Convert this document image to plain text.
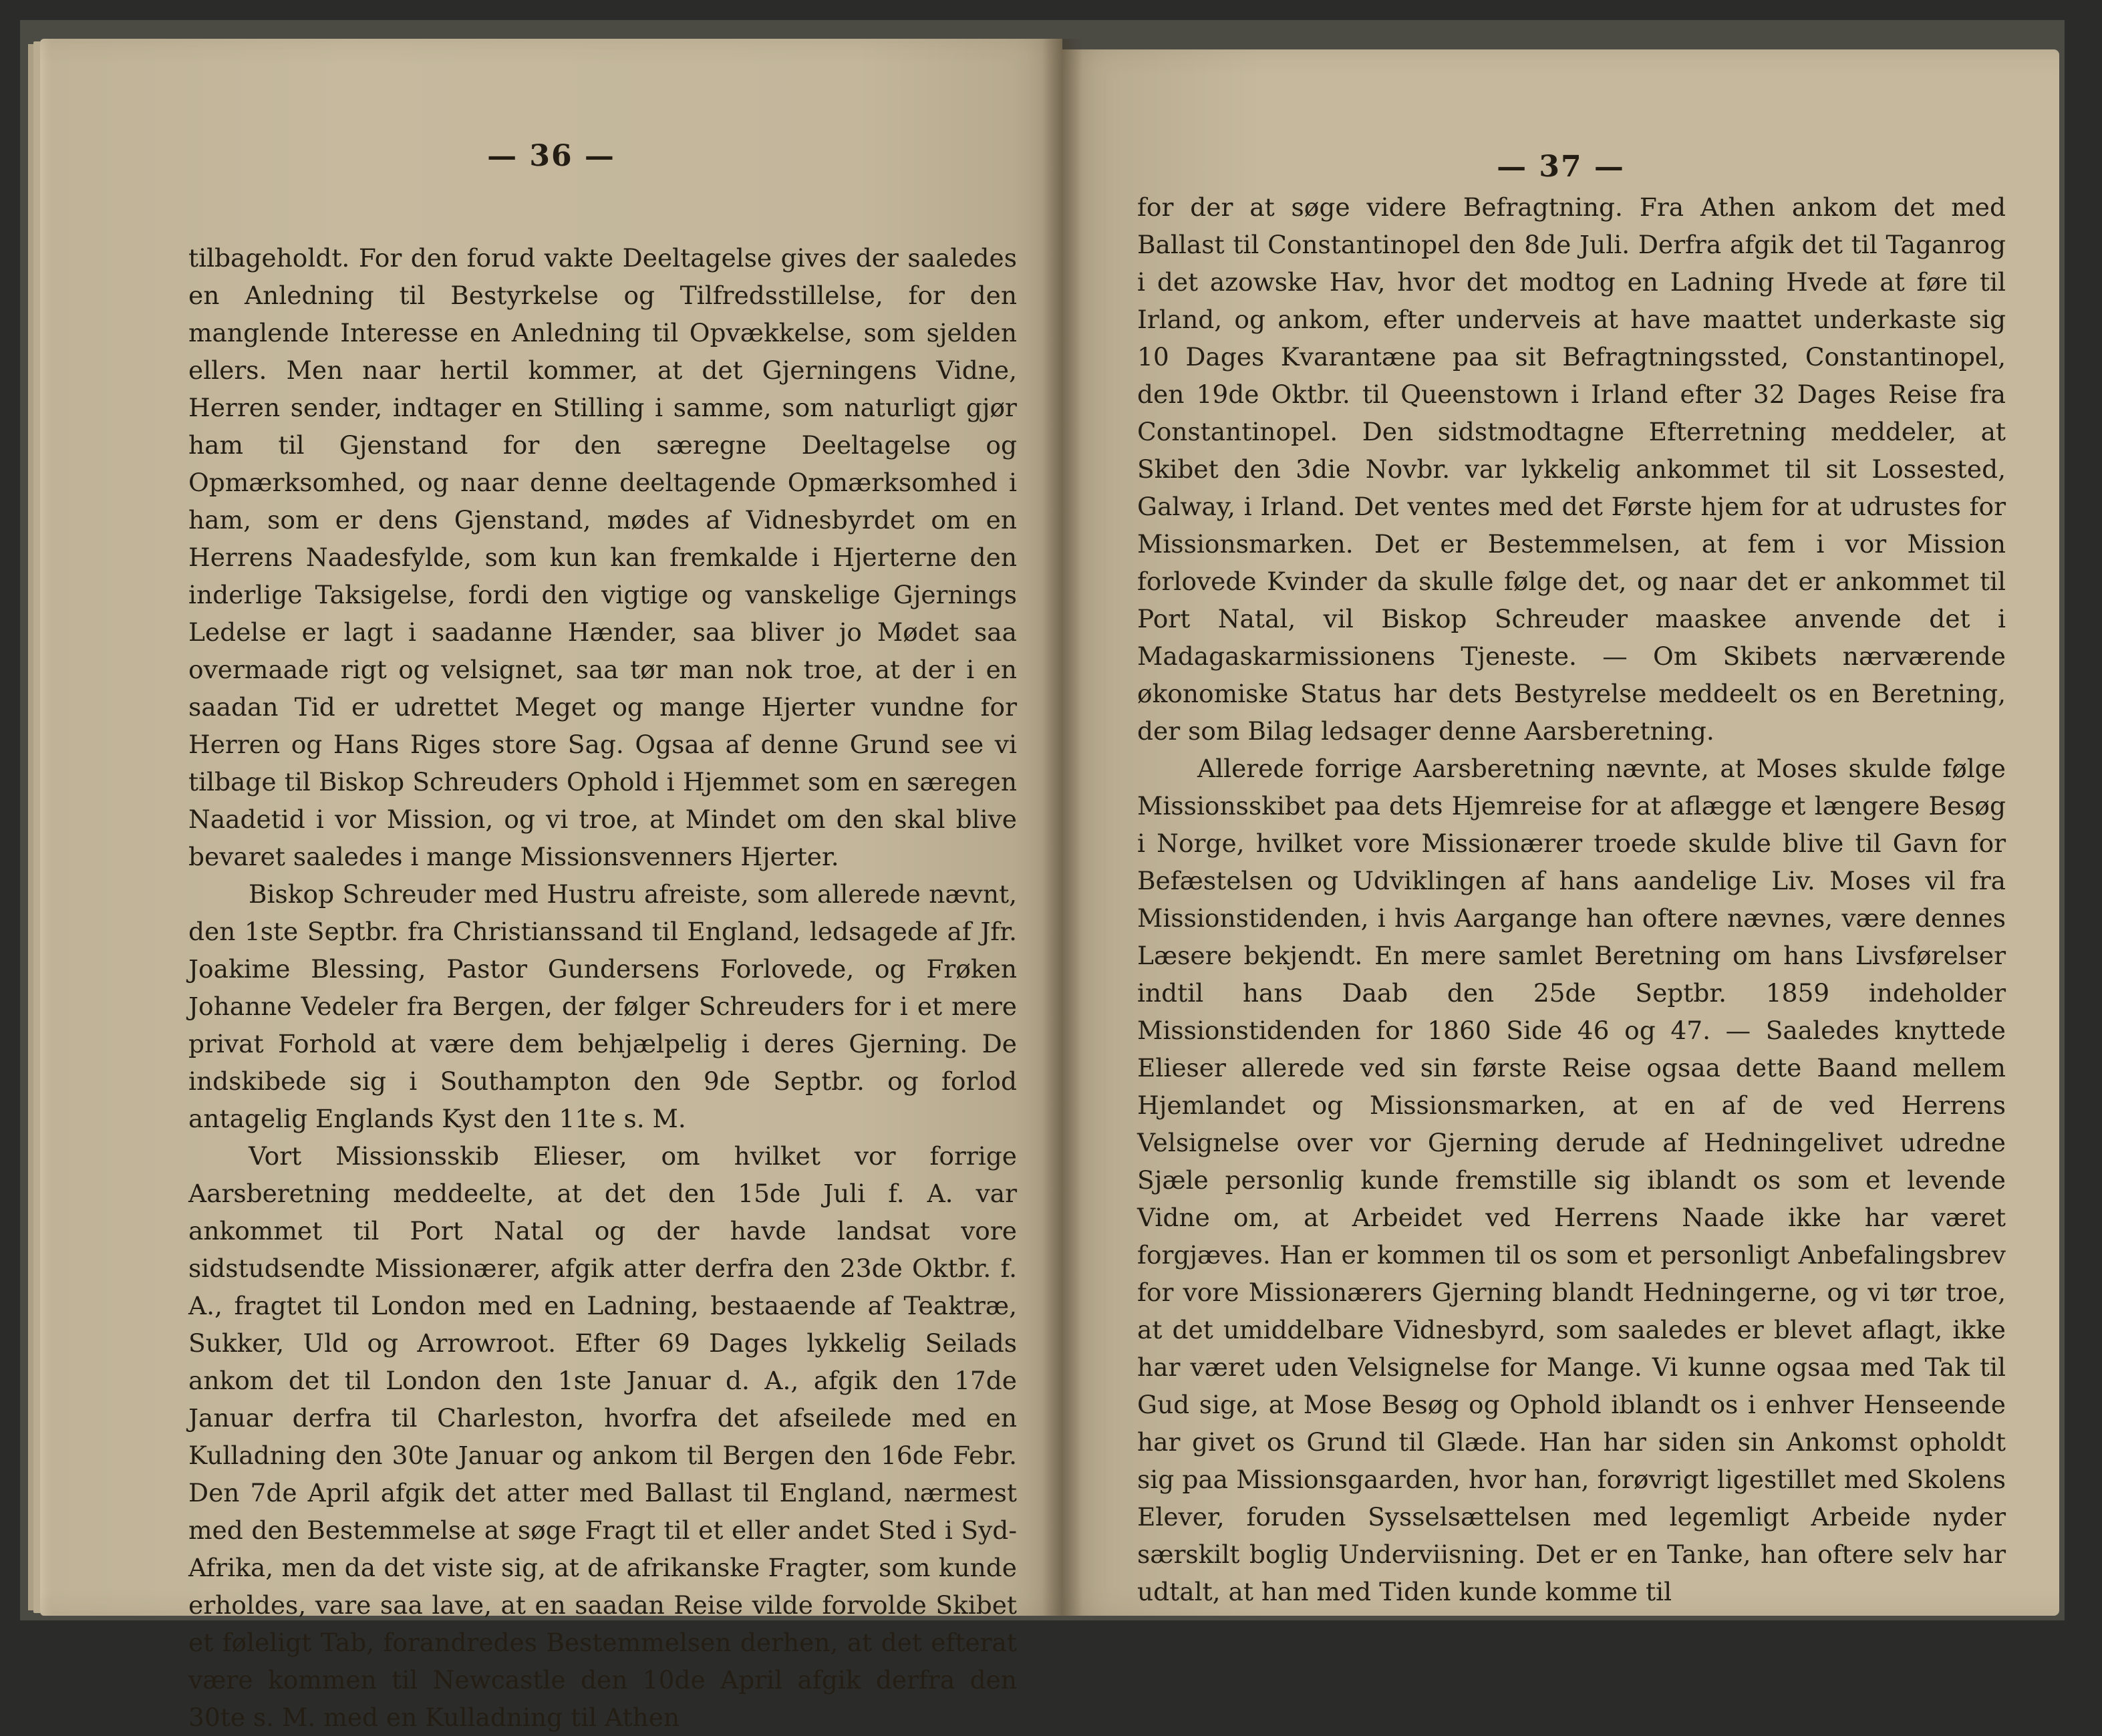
— 36 —

tilbageholdt. For den forud vakte Deeltagelse gives der saaledes en Anledning til Bestyrkelse og Tilfredsstillelse, for den manglende Interesse en Anledning til Opvækkelse, som sjelden ellers. Men naar hertil kommer, at det Gjerningens Vidne, Herren sender, indtager en Stilling i samme, som naturligt gjør ham til Gjenstand for den særegne Deeltagelse og Opmærksomhed, og naar denne deeltagende Opmærksomhed i ham, som er dens Gjenstand, mødes af Vidnesbyrdet om en Herrens Naadesfylde, som kun kan fremkalde i Hjerterne den inderlige Taksigelse, fordi den vigtige og vanskelige Gjernings Ledelse er lagt i saadanne Hænder, saa bliver jo Mødet saa overmaade rigt og velsignet, saa tør man nok troe, at der i en saadan Tid er udrettet Meget og mange Hjerter vundne for Herren og Hans Riges store Sag. Ogsaa af denne Grund see vi tilbage til Biskop Schreuders Ophold i Hjemmet som en særegen Naadetid i vor Mission, og vi troe, at Mindet om den skal blive bevaret saaledes i mange Missionsvenners Hjerter.

Biskop Schreuder med Hustru afreiste, som allerede nævnt, den 1ste Septbr. fra Christianssand til England, ledsagede af Jfr. Joakime Blessing, Pastor Gundersens Forlovede, og Frøken Johanne Vedeler fra Bergen, der følger Schreuders for i et mere privat Forhold at være dem behjælpelig i deres Gjerning. De indskibede sig i Southampton den 9de Septbr. og forlod antagelig Englands Kyst den 11te s. M.

Vort Missionsskib Elieser, om hvilket vor forrige Aarsberetning meddeelte, at det den 15de Juli f. A. var ankommet til Port Natal og der havde landsat vore sidstudsendte Missionærer, afgik atter derfra den 23de Oktbr. f. A., fragtet til London med en Ladning, bestaaende af Teaktræ, Sukker, Uld og Arrowroot. Efter 69 Dages lykkelig Seilads ankom det til London den 1ste Januar d. A., afgik den 17de Januar derfra til Charleston, hvorfra det afseilede med en Kulladning den 30te Januar og ankom til Bergen den 16de Febr. Den 7de April afgik det atter med Ballast til England, nærmest med den Bestemmelse at søge Fragt til et eller andet Sted i Syd-Afrika, men da det viste sig, at de afrikanske Fragter, som kunde erholdes, vare saa lave, at en saadan Reise vilde forvolde Skibet et føleligt Tab, forandredes Bestemmelsen derhen, at det efterat være kommen til Newcastle den 10de April afgik derfra den 30te s. M. med en Kulladning til Athen

— 37 —

for der at søge videre Befragtning. Fra Athen ankom det med Ballast til Constantinopel den 8de Juli. Derfra afgik det til Taganrog i det azowske Hav, hvor det modtog en Ladning Hvede at føre til Irland, og ankom, efter underveis at have maattet underkaste sig 10 Dages Kvarantæne paa sit Befragtningssted, Constantinopel, den 19de Oktbr. til Queenstown i Irland efter 32 Dages Reise fra Constantinopel. Den sidstmodtagne Efterretning meddeler, at Skibet den 3die Novbr. var lykkelig ankommet til sit Lossested, Galway, i Irland. Det ventes med det Første hjem for at udrustes for Missionsmarken. Det er Bestemmelsen, at fem i vor Mission forlovede Kvinder da skulle følge det, og naar det er ankommet til Port Natal, vil Biskop Schreuder maaskee anvende det i Madagaskarmissionens Tjeneste. — Om Skibets nærværende økonomiske Status har dets Bestyrelse meddeelt os en Beretning, der som Bilag ledsager denne Aarsberetning.

Allerede forrige Aarsberetning nævnte, at Moses skulde følge Missionsskibet paa dets Hjemreise for at aflægge et længere Besøg i Norge, hvilket vore Missionærer troede skulde blive til Gavn for Befæstelsen og Udviklingen af hans aandelige Liv. Moses vil fra Missionstidenden, i hvis Aargange han oftere nævnes, være dennes Læsere bekjendt. En mere samlet Beretning om hans Livsførelser indtil hans Daab den 25de Septbr. 1859 indeholder Missionstidenden for 1860 Side 46 og 47. — Saaledes knyttede Elieser allerede ved sin første Reise ogsaa dette Baand mellem Hjemlandet og Missionsmarken, at en af de ved Herrens Velsignelse over vor Gjerning derude af Hedningelivet udredne Sjæle personlig kunde fremstille sig iblandt os som et levende Vidne om, at Arbeidet ved Herrens Naade ikke har været forgjæves. Han er kommen til os som et personligt Anbefalingsbrev for vore Missionærers Gjerning blandt Hedningerne, og vi tør troe, at det umiddelbare Vidnesbyrd, som saaledes er blevet aflagt, ikke har været uden Velsignelse for Mange. Vi kunne ogsaa med Tak til Gud sige, at Mose Besøg og Ophold iblandt os i enhver Henseende har givet os Grund til Glæde. Han har siden sin Ankomst opholdt sig paa Missionsgaarden, hvor han, forøvrigt ligestillet med Skolens Elever, foruden Sysselsættelsen med legemligt Arbeide nyder særskilt boglig Underviisning. Det er en Tanke, han oftere selv har udtalt, at han med Tiden kunde komme til
